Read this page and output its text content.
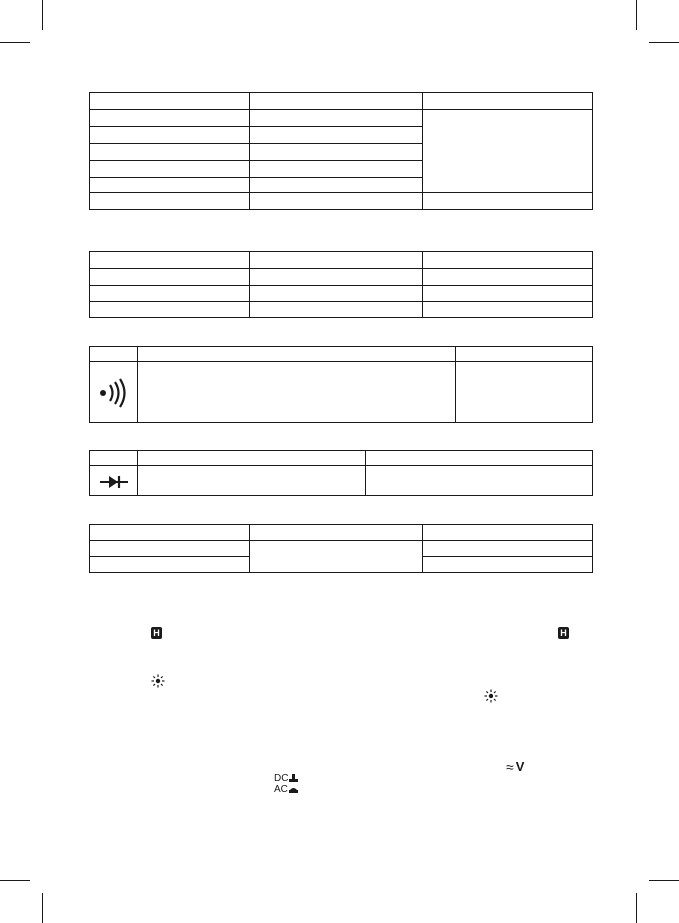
H	H
≈ V
DC
AC
